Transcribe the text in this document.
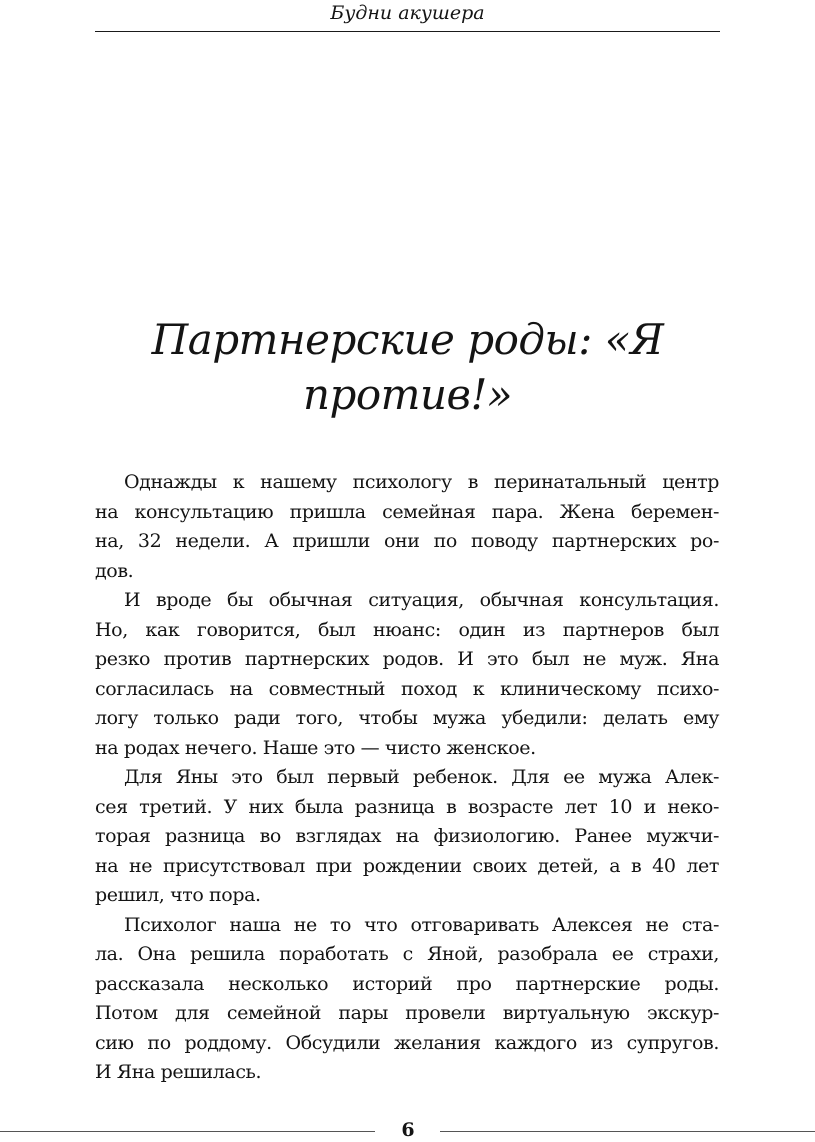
Будни акушера
Партнерские роды: «Я
против!»

Однажды к нашему психологу в перинатальный центр
на консультацию пришла семейная пара. Жена беремен-
на, 32 недели. А пришли они по поводу партнерских ро-
дов.

И вроде бы обычная ситуация, обычная консультация.
Но, как говорится, был нюанс: один из партнеров был
резко против партнерских родов. И это был не муж. Яна
согласилась на совместный поход к клиническому психо-
логу только ради того, чтобы мужа убедили: делать ему
на родах нечего. Наше это — чисто женское.

Для Яны это был первый ребенок. Для ее мужа Алек-
сея третий. У них была разница в возрасте лет 10 и неко-
торая разница во взглядах на физиологию. Ранее мужчи-
на не присутствовал при рождении своих детей, а в 40 лет
решил, что пора.

Психолог наша не то что отговаривать Алексея не ста-
ла. Она решила поработать с Яной, разобрала ее страхи,
рассказала несколько историй про партнерские роды.
Потом для семейной пары провели виртуальную экскур-
сию по роддому. Обсудили желания каждого из супругов.
И Яна решилась.

6
